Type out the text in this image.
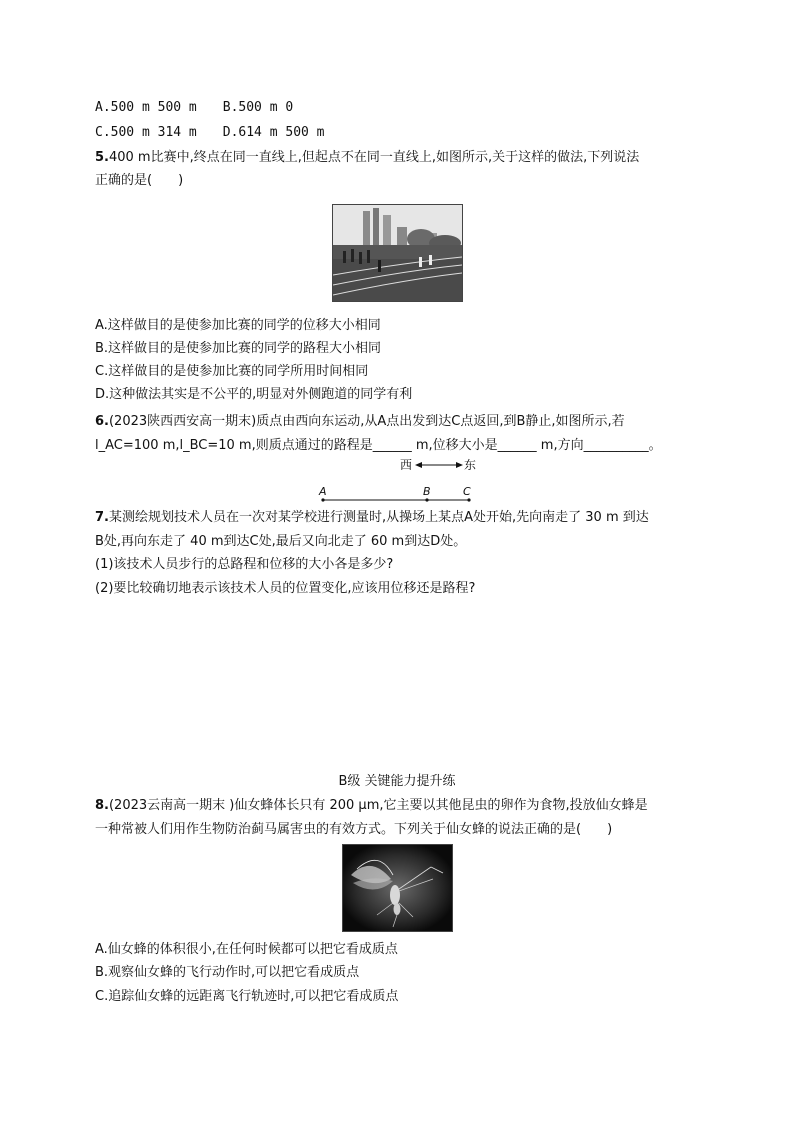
A.500 m 500 m B.500 m 0
C.500 m 314 m D.614 m 500 m
5.400 m比赛中,终点在同一直线上,但起点不在同一直线上,如图所示,关于这样的做法,下列说法
正确的是(　　)
A.这样做目的是使参加比赛的同学的位移大小相同
B.这样做目的是使参加比赛的同学的路程大小相同
C.这样做目的是使参加比赛的同学所用时间相同
D.这种做法其实是不公平的,明显对外侧跑道的同学有利
6.(2023陕西西安高一期末)质点由西向东运动,从A点出发到达C点返回,到B静止,如图所示,若
l_AC=100 m,l_BC=10 m,则质点通过的路程是______ m,位移大小是______ m,方向__________。
西	东
A	B	C
7.某测绘规划技术人员在一次对某学校进行测量时,从操场上某点A处开始,先向南走了 30 m 到达
B处,再向东走了 40 m到达C处,最后又向北走了 60 m到达D处。
(1)该技术人员步行的总路程和位移的大小各是多少?
(2)要比较确切地表示该技术人员的位置变化,应该用位移还是路程?
B级 关键能力提升练
8.(2023云南高一期末 )仙女蜂体长只有 200 μm,它主要以其他昆虫的卵作为食物,投放仙女蜂是
一种常被人们用作生物防治蓟马属害虫的有效方式。下列关于仙女蜂的说法正确的是(　　)
A.仙女蜂的体积很小,在任何时候都可以把它看成质点
B.观察仙女蜂的飞行动作时,可以把它看成质点
C.追踪仙女蜂的远距离飞行轨迹时,可以把它看成质点
